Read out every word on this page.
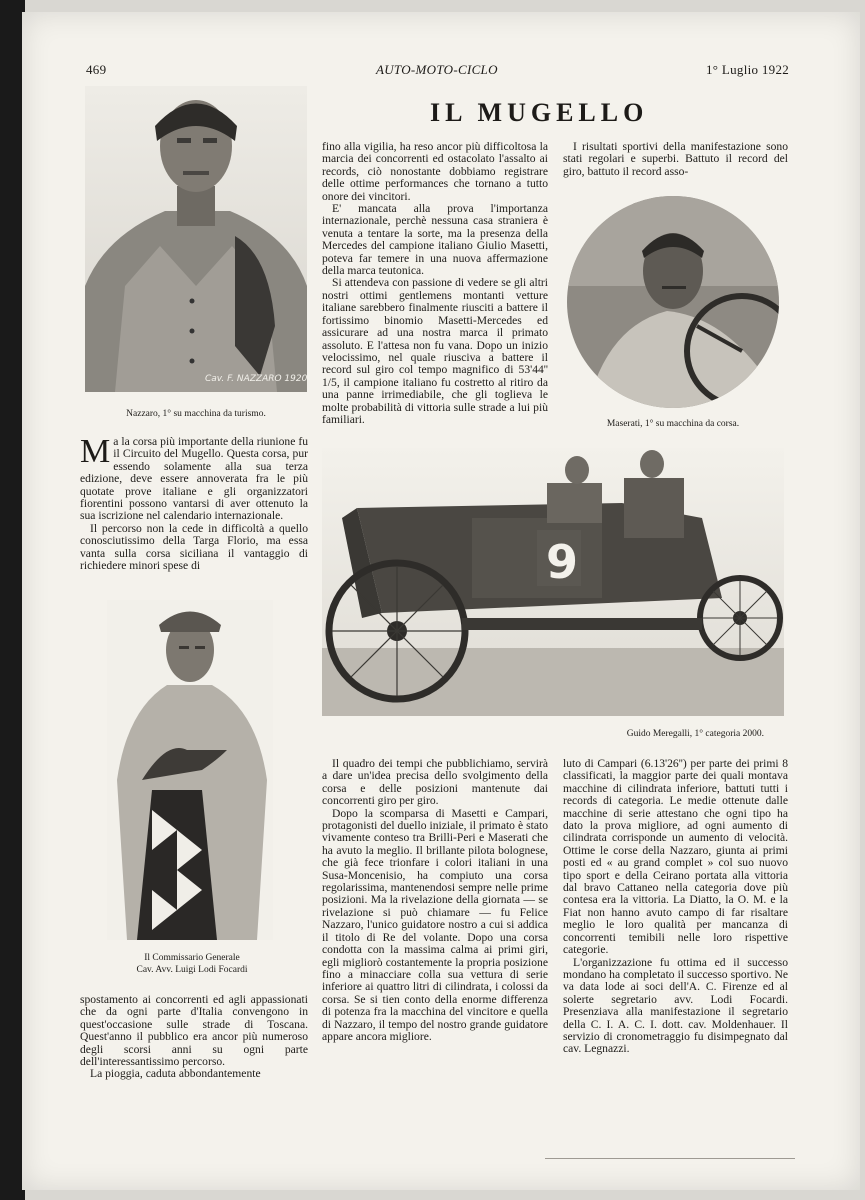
469	AUTO-MOTO-CICLO	1° Luglio 1922
IL MUGELLO
Cav. F. NAZZARO 1920
Nazzaro, 1° su macchina da turismo.

Ma la corsa più importante della riunione fu il Circuito del Mugello. Questa corsa, pur essendo solamente alla sua terza edizione, deve essere annoverata fra le più quotate prove italiane e gli organizzatori fiorentini possono vantarsi di aver ottenuto la sua iscrizione nel calendario internazionale.

Il percorso non la cede in difficoltà a quello conosciutissimo della Targa Florio, ma essa vanta sulla corsa siciliana il vantaggio di richiedere minori spese di

Il Commissario Generale
Cav. Avv. Luigi Lodi Focardi

spostamento ai concorrenti ed agli appassionati che da ogni parte d'Italia convengono in quest'occasione sulle strade di Toscana. Quest'anno il pubblico era ancor più numeroso degli scorsi anni su ogni parte dell'interessantissimo percorso.

La pioggia, caduta abbondantemente

fino alla vigilia, ha reso ancor più difficoltosa la marcia dei concorrenti ed ostacolato l'assalto ai records, ciò nonostante dobbiamo registrare delle ottime performances che tornano a tutto onore dei vincitori.

E' mancata alla prova l'importanza internazionale, perchè nessuna casa straniera è venuta a tentare la sorte, ma la presenza della Mercedes del campione italiano Giulio Masetti, poteva far temere in una nuova affermazione della marca teutonica.

Si attendeva con passione di vedere se gli altri nostri ottimi gentlemens montanti vetture italiane sarebbero finalmente riusciti a battere il fortissimo binomio Masetti-Mercedes ed assicurare ad una nostra marca il primato assoluto. E l'attesa non fu vana. Dopo un inizio velocissimo, nel quale riusciva a battere il record sul giro col tempo magnifico di 53'44'' 1/5, il campione italiano fu costretto al ritiro da una panne irrimediabile, che gli toglieva le molte probabilità di vittoria sulle strade a lui più familiari.

I risultati sportivi della manifestazione sono stati regolari e superbi. Battuto il record del giro, battuto il record asso-

Maserati, 1° su macchina da corsa.
9
Guido Meregalli, 1° categoria 2000.

Il quadro dei tempi che pubblichiamo, servirà a dare un'idea precisa dello svolgimento della corsa e delle posizioni mantenute dai concorrenti giro per giro.

Dopo la scomparsa di Masetti e Campari, protagonisti del duello iniziale, il primato è stato vivamente conteso tra Brilli-Peri e Maserati che ha avuto la meglio. Il brillante pilota bolognese, che già fece trionfare i colori italiani in una Susa-Moncenisio, ha compiuto una corsa regolarissima, mantenendosi sempre nelle prime posizioni. Ma la rivelazione della giornata — se rivelazione si può chiamare — fu Felice Nazzaro, l'unico guidatore nostro a cui si addica il titolo di Re del volante. Dopo una corsa condotta con la massima calma ai primi giri, egli migliorò costantemente la propria posizione fino a minacciare colla sua vettura di serie inferiore ai quattro litri di cilindrata, i colossi da corsa. Se si tien conto della enorme differenza di potenza fra la macchina del vincitore e quella di Nazzaro, il tempo del nostro grande guidatore appare ancora migliore.

luto di Campari (6.13'26'') per parte dei primi 8 classificati, la maggior parte dei quali montava macchine di cilindrata inferiore, battuti tutti i records di categoria. Le medie ottenute dalle macchine di serie attestano che ogni tipo ha dato la prova migliore, ad ogni aumento di cilindrata corrisponde un aumento di velocità. Ottime le corse della Nazzaro, giunta ai primi posti ed « au grand complet » col suo nuovo tipo sport e della Ceirano portata alla vittoria dal bravo Cattaneo nella categoria dove più contesa era la vittoria. La Diatto, la O. M. e la Fiat non hanno avuto campo di far risaltare meglio le loro qualità per mancanza di concorrenti temibili nelle loro rispettive categorie.

L'organizzazione fu ottima ed il successo mondano ha completato il successo sportivo. Ne va data lode ai soci dell'A. C. Firenze ed al solerte segretario avv. Lodi Focardi. Presenziava alla manifestazione il segretario della C. I. A. C. I. dott. cav. Moldenhauer. Il servizio di cronometraggio fu disimpegnato dal cav. Legnazzi.
